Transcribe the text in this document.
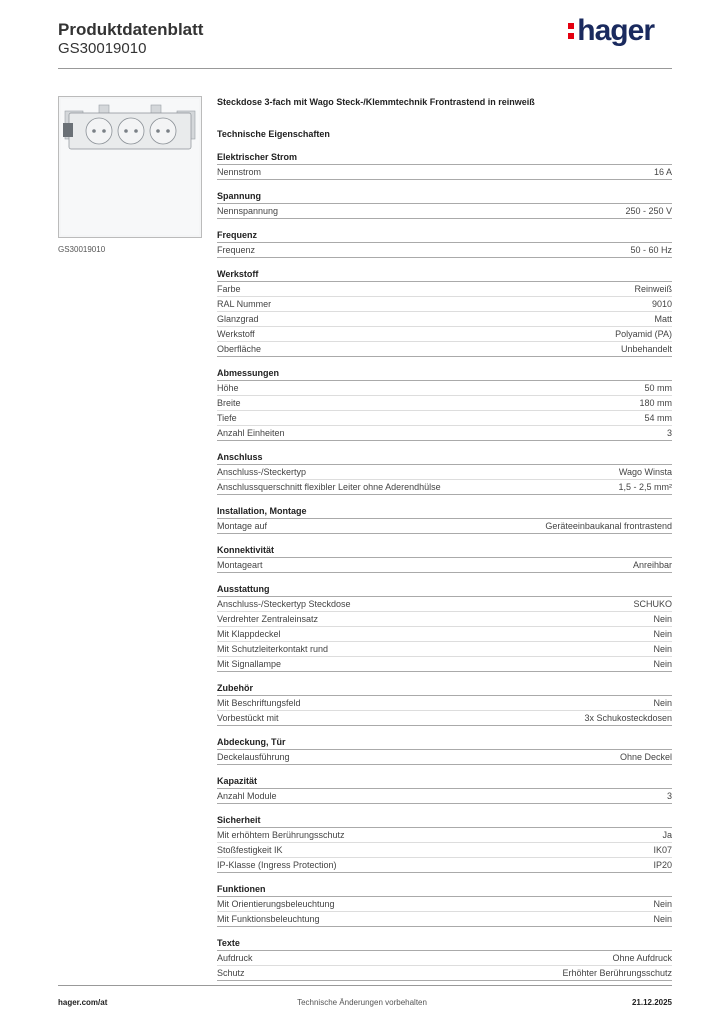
Produktdatenblatt
GS30019010
hager
GS30019010
Steckdose 3-fach mit Wago Steck-/Klemmtechnik Frontrastend in reinweiß
Technische Eigenschaften
Elektrischer Strom
Nennstrom	16 A
Spannung
Nennspannung	250 - 250 V
Frequenz
Frequenz	50 - 60 Hz
Werkstoff
Farbe	Reinweiß
RAL Nummer	9010
Glanzgrad	Matt
Werkstoff	Polyamid (PA)
Oberfläche	Unbehandelt
Abmessungen
Höhe	50 mm
Breite	180 mm
Tiefe	54 mm
Anzahl Einheiten	3
Anschluss
Anschluss-/Steckertyp	Wago Winsta
Anschlussquerschnitt flexibler Leiter ohne Aderendhülse	1,5 - 2,5 mm²
Installation, Montage
Montage auf	Geräteeinbaukanal frontrastend
Konnektivität
Montageart	Anreihbar
Ausstattung
Anschluss-/Steckertyp Steckdose	SCHUKO
Verdrehter Zentraleinsatz	Nein
Mit Klappdeckel	Nein
Mit Schutzleiterkontakt rund	Nein
Mit Signallampe	Nein
Zubehör
Mit Beschriftungsfeld	Nein
Vorbestückt mit	3x Schukosteckdosen
Abdeckung, Tür
Deckelausführung	Ohne Deckel
Kapazität
Anzahl Module	3
Sicherheit
Mit erhöhtem Berührungsschutz	Ja
Stoßfestigkeit IK	IK07
IP-Klasse (Ingress Protection)	IP20
Funktionen
Mit Orientierungsbeleuchtung	Nein
Mit Funktionsbeleuchtung	Nein
Texte
Aufdruck	Ohne Aufdruck
Schutz	Erhöhter Berührungsschutz
Technische Änderungen vorbehalten
hager.com/at	21.12.2025
